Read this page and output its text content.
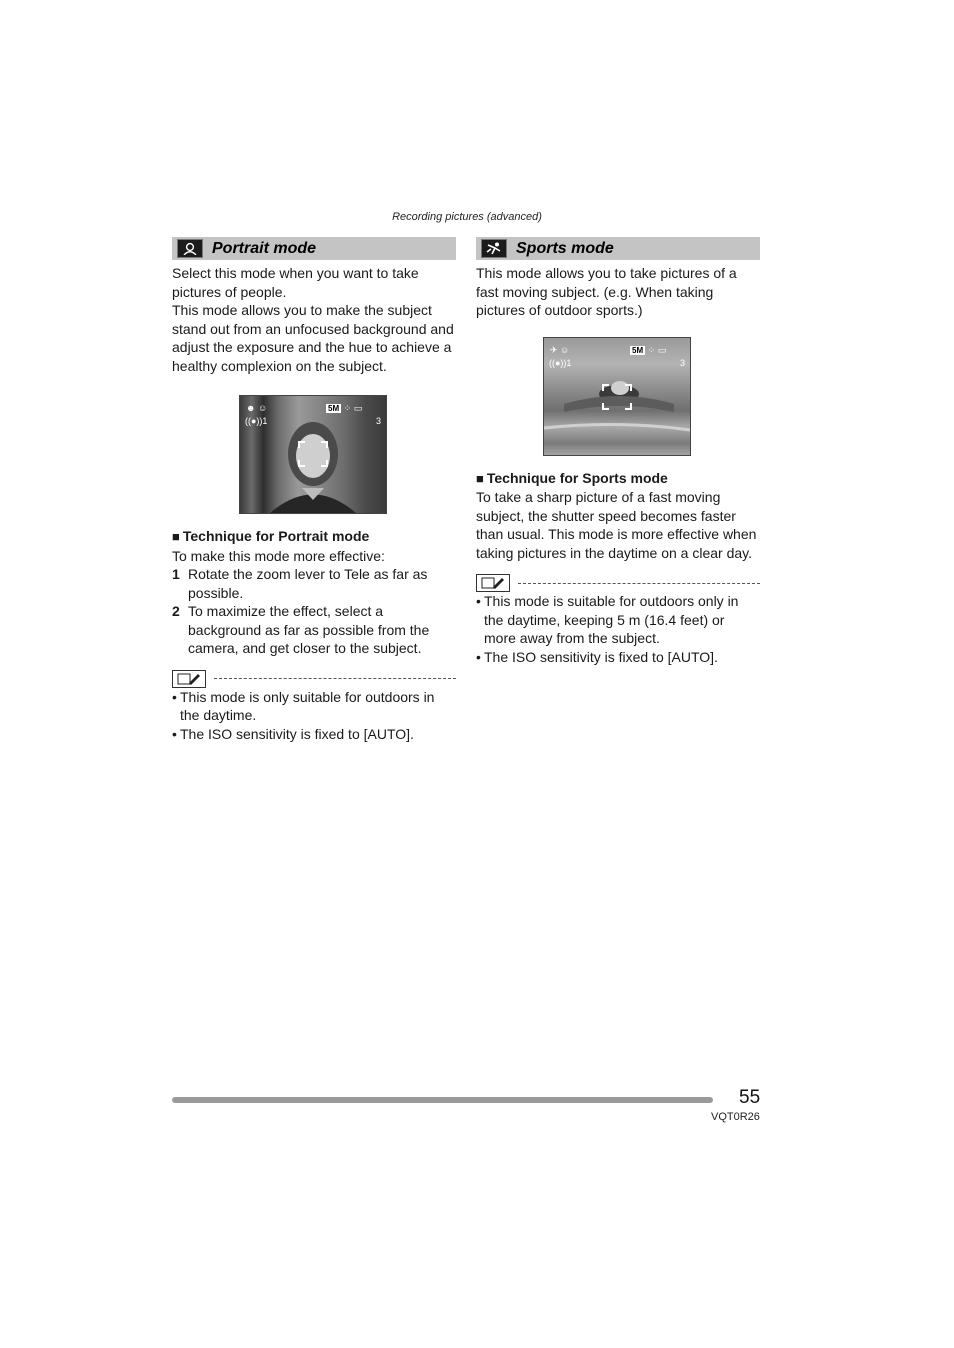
Recording pictures (advanced)
Portrait mode

Select this mode when you want to take pictures of people.

This mode allows you to make the subject stand out from an unfocused background and adjust the exposure and the hue to achieve a healthy complexion on the subject.

☻ ☺	5M ⁘ ▭
((●))1	3

■ Technique for Portrait mode

To make this mode more effective:

1 Rotate the zoom lever to Tele as far as possible.
2 To maximize the effect, select a background as far as possible from the camera, and get closer to the subject.
• This mode is only suitable for outdoors in the daytime.
• The ISO sensitivity is fixed to [AUTO].
Sports mode

This mode allows you to take pictures of a fast moving subject. (e.g. When taking pictures of outdoor sports.)

✈ ☺	5M ⁘ ▭
((●))1	3

■ Technique for Sports mode

To take a sharp picture of a fast moving subject, the shutter speed becomes faster than usual. This mode is more effective when taking pictures in the daytime on a clear day.

• This mode is suitable for outdoors only in the daytime, keeping 5 m (16.4 feet) or more away from the subject.
• The ISO sensitivity is fixed to [AUTO].
55
VQT0R26
